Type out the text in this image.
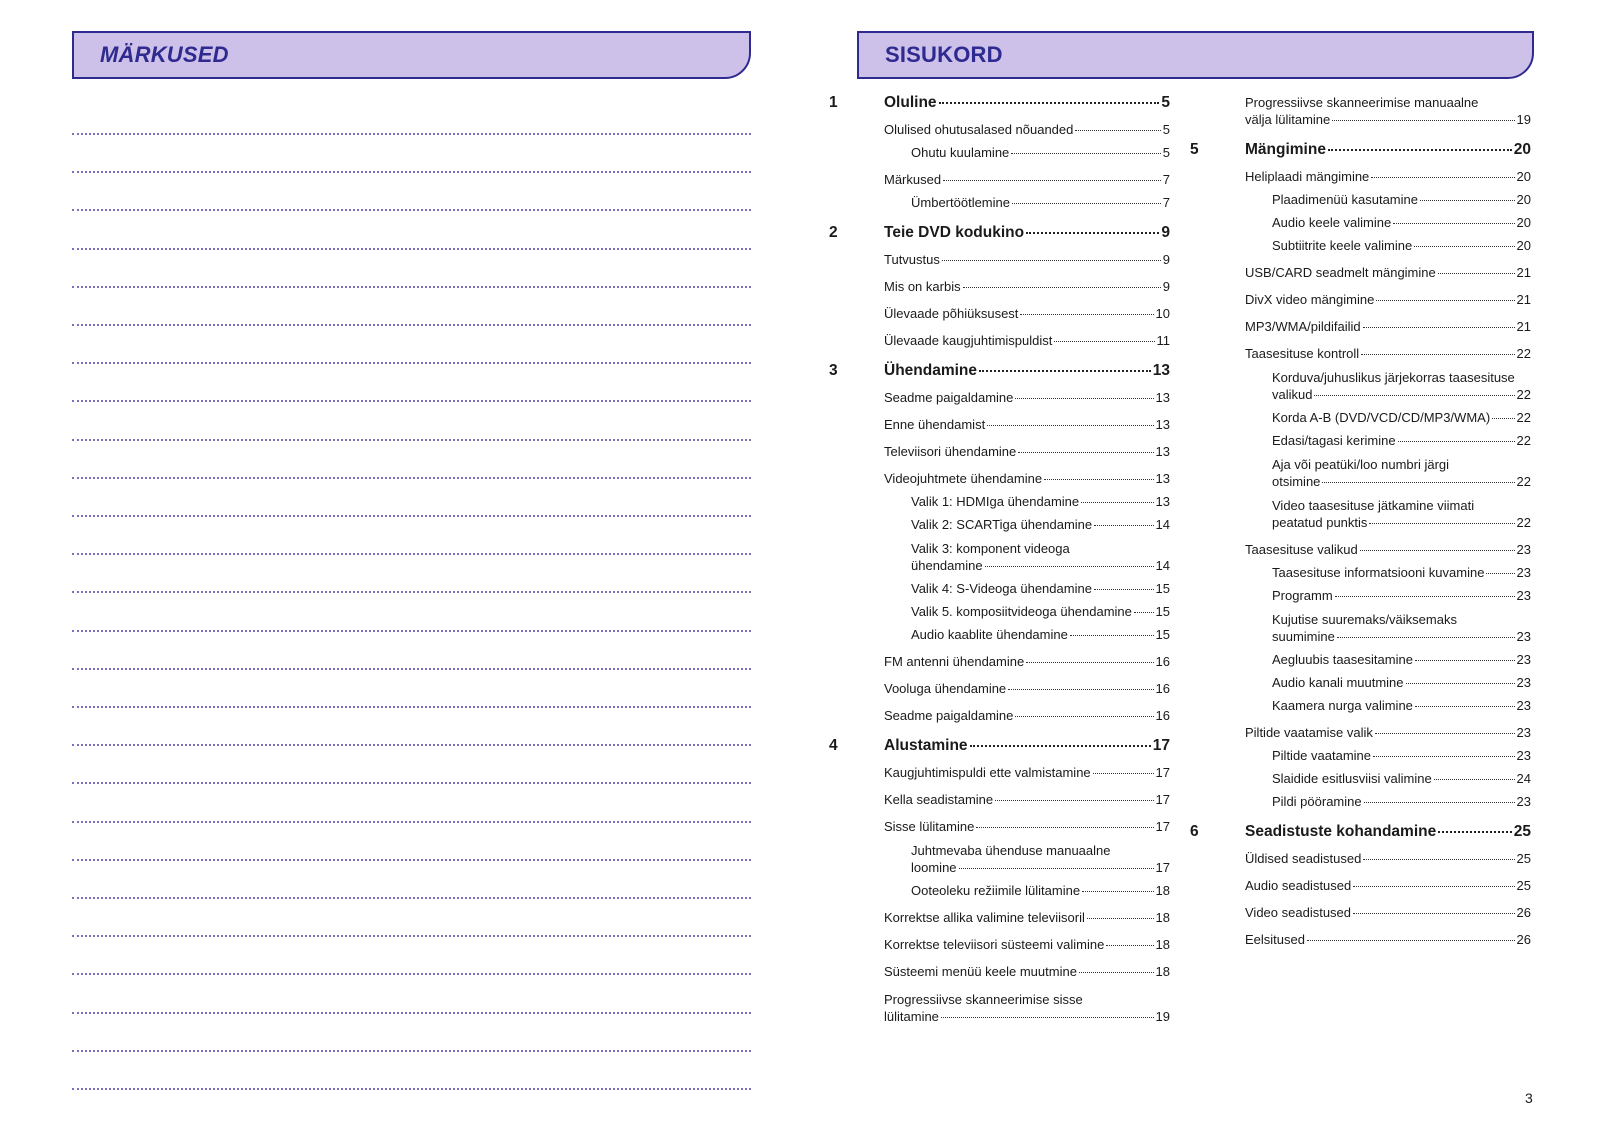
MÄRKUSED	SISUKORD
1	Oluline	5
Olulised ohutusalased nõuanded	5
Ohutu kuulamine	5
Märkused	7
Ümbertöötlemine	7
2	Teie DVD kodukino	9
Tutvustus	9
Mis on karbis	9
Ülevaade põhiüksusest	10
Ülevaade kaugjuhtimispuldist	11
3	Ühendamine	13
Seadme paigaldamine	13
Enne ühendamist	13
Televiisori ühendamine	13
Videojuhtmete ühendamine	13
Valik 1: HDMIga ühendamine	13
Valik 2: SCARTiga ühendamine	14
Valik 3: komponent videoga
ühendamine	14
Valik 4: S-Videoga ühendamine	15
Valik 5. komposiitvideoga ühendamine 15
Audio kaablite ühendamine	15
FM antenni ühendamine	16
Vooluga ühendamine	16
Seadme paigaldamine	16
4	Alustamine	17
Kaugjuhtimispuldi ette valmistamine	17
Kella seadistamine	17
Sisse lülitamine	17
Juhtmevaba ühenduse manuaalne
loomine	17
Ooteoleku režiimile lülitamine	18
Korrektse allika valimine televiisoril	18
Korrektse televiisori süsteemi valimine	18
Süsteemi menüü keele muutmine	18
Progressiivse skanneerimise sisse
lülitamine	19
Progressiivse skanneerimise manuaalne
välja lülitamine	19
5	Mängimine	20
Heliplaadi mängimine	20
Plaadimenüü kasutamine	20
Audio keele valimine	20
Subtiitrite keele valimine	20
USB/CARD seadmelt mängimine	21
DivX video mängimine	21
MP3/WMA/pildifailid	21
Taasesituse kontroll	22
Korduva/juhuslikus järjekorras taasesituse
valikud	22
Korda A-B (DVD/VCD/CD/MP3/WMA) 22
Edasi/tagasi kerimine	22
Aja või peatüki/loo numbri järgi
otsimine	22
Video taasesituse jätkamine viimati
peatatud punktis	22
Taasesituse valikud	23
Taasesituse informatsiooni kuvamine 23
Programm	23
Kujutise suuremaks/väiksemaks
suumimine	23
Aegluubis taasesitamine	23
Audio kanali muutmine	23
Kaamera nurga valimine	23
Piltide vaatamise valik	23
Piltide vaatamine	23
Slaidide esitlusviisi valimine	24
Pildi pööramine	23
6	Seadistuste kohandamine	25
Üldised seadistused	25
Audio seadistused	25
Video seadistused	26
Eelsitused	26
3
